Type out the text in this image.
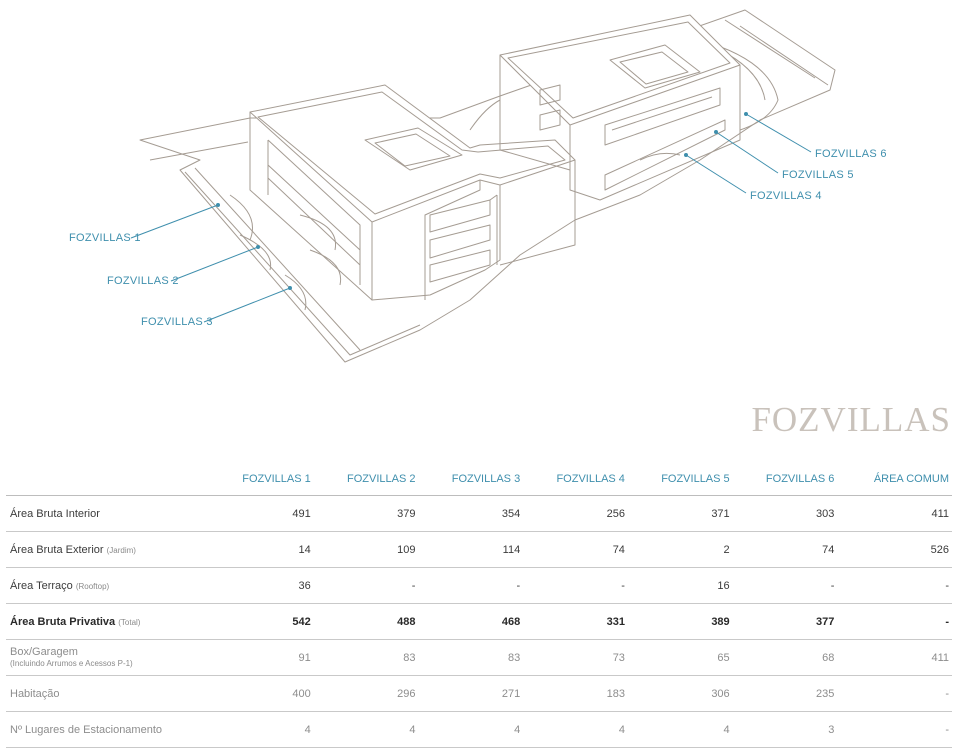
FOZVILLAS 1
FOZVILLAS 2
FOZVILLAS 3
FOZVILLAS 4
FOZVILLAS 5
FOZVILLAS 6
FOZVILLAS
	FOZVILLAS 1	FOZVILLAS 2	FOZVILLAS 3	FOZVILLAS 4	FOZVILLAS 5	FOZVILLAS 6	ÁREA COMUM
Área Bruta Interior	491	379	354	256	371	303	411
Área Bruta Exterior (Jardim)	14	109	114	74	2	74	526
Área Terraço (Rooftop)	36	-	-	-	16	-	-
Área Bruta Privativa (Total)	542	488	468	331	389	377	-
Box/Garagem
(Incluindo Arrumos e Acessos P-1)	91	83	83	73	65	68	411
Habitação	400	296	271	183	306	235	-
Nº Lugares de Estacionamento	4	4	4	4	4	3	-
